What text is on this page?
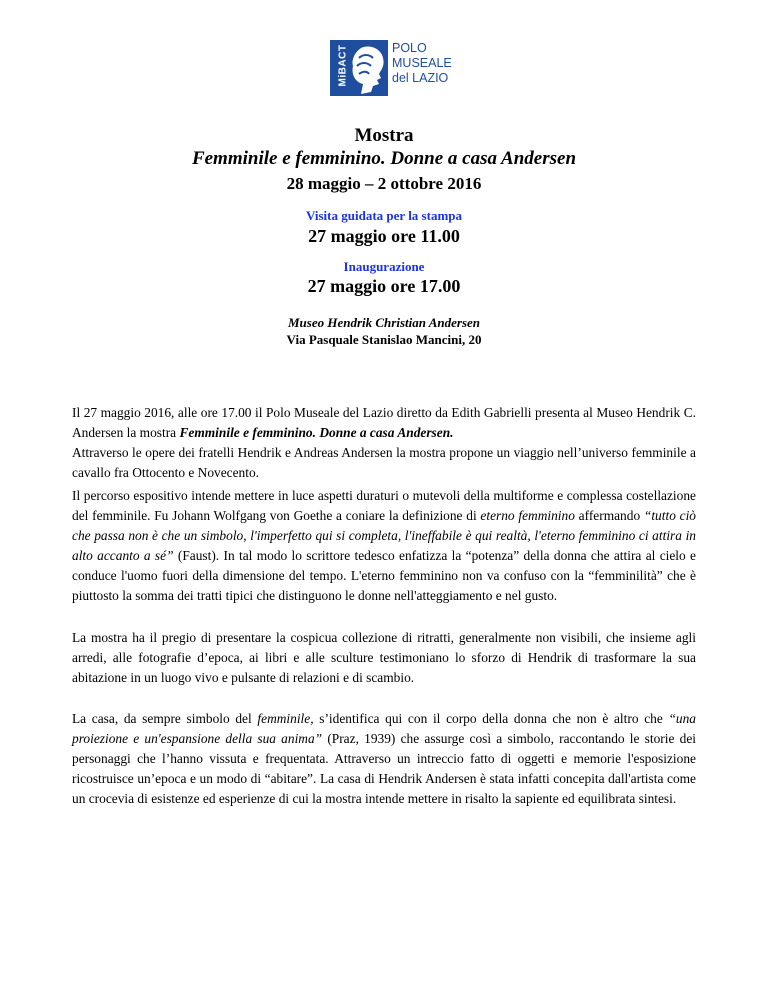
MiBACT	POLO
MUSEALE
del LAZIO
Mostra
Femminile e femminino. Donne a casa Andersen
28 maggio – 2 ottobre 2016
Visita guidata per la stampa
27 maggio ore 11.00
Inaugurazione
27 maggio ore 17.00
Museo Hendrik Christian Andersen
Via Pasquale Stanislao Mancini, 20

Il 27 maggio 2016, alle ore 17.00 il Polo Museale del Lazio diretto da Edith Gabrielli presenta al Museo Hendrik C. Andersen la mostra Femminile e femminino. Donne a casa Andersen.

Attraverso le opere dei fratelli Hendrik e Andreas Andersen la mostra propone un viaggio nell’universo femminile a cavallo fra Ottocento e Novecento.

Il percorso espositivo intende mettere in luce aspetti duraturi o mutevoli della multiforme e complessa costellazione del femminile. Fu Johann Wolfgang von Goethe a coniare la definizione di eterno femminino affermando “tutto ciò che passa non è che un simbolo, l'imperfetto qui si completa, l'ineffabile è qui realtà, l'eterno femminino ci attira in alto accanto a sé” (Faust). In tal modo lo scrittore tedesco enfatizza la “potenza” della donna che attira al cielo e conduce l'uomo fuori della dimensione del tempo. L'eterno femminino non va confuso con la “femminilità” che è piuttosto la somma dei tratti tipici che distinguono le donne nell'atteggiamento e nel gusto.

La mostra ha il pregio di presentare la cospicua collezione di ritratti, generalmente non visibili, che insieme agli arredi, alle fotografie d’epoca, ai libri e alle sculture testimoniano lo sforzo di Hendrik di trasformare la sua abitazione in un luogo vivo e pulsante di relazioni e di scambio.

La casa, da sempre simbolo del femminile, s’identifica qui con il corpo della donna che non è altro che “una proiezione e un'espansione della sua anima” (Praz, 1939) che assurge così a simbolo, raccontando le storie dei personaggi che l’hanno vissuta e frequentata. Attraverso un intreccio fatto di oggetti e memorie l'esposizione ricostruisce un’epoca e un modo di “abitare”. La casa di Hendrik Andersen è stata infatti concepita dall'artista come un crocevia di esistenze ed esperienze di cui la mostra intende mettere in risalto la sapiente ed equilibrata sintesi.
